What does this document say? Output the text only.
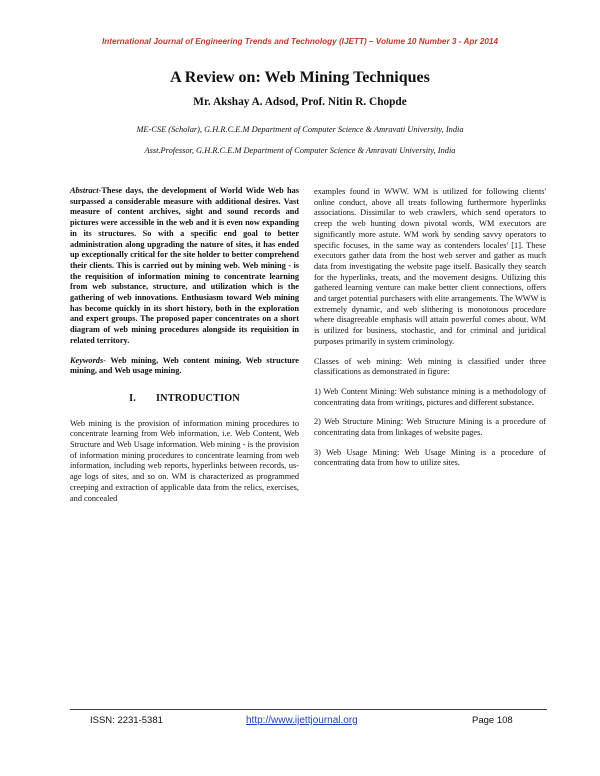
International Journal of Engineering Trends and Technology (IJETT) – Volume 10 Number 3 - Apr 2014
A Review on: Web Mining Techniques
Mr. Akshay A. Adsod, Prof. Nitin R. Chopde
ME-CSE (Scholar), G.H.R.C.E.M Department of Computer Science & Amravati University, India
Asst.Professor, G.H.R.C.E.M Department of Computer Science & Amravati University, India

Abstract-These days, the development of World Wide Web has surpassed a considerable measure with additional desires. Vast measure of content archives, sight and sound records and pictures were accessible in the web and it is even now expanding in its structures. So with a specific end goal to better administration along upgrading the nature of sites, it has ended up exceptionally critical for the site holder to better comprehend their clients. This is carried out by mining web. Web mining - is the requisition of information mining to concentrate learning from web substance, structure, and utilization which is the gathering of web innovations. Enthusiasm toward Web mining has become quickly in its short history, both in the exploration and expert groups. The proposed paper concentrates on a short diagram of web mining procedures alongside its requisition in related territory.

Keywords- Web mining, Web content mining, Web structure mining, and Web usage mining.

I. INTRODUCTION

Web mining is the provision of information mining procedures to concentrate learning from Web information, i.e. Web Content, Web Structure and Web Usage information. Web mining - is the provision of information mining procedures to concentrate learning from web information, including web reports, hyperlinks between records, us-age logs of sites, and so on. WM is characterized as programmed creeping and extraction of applicable data from the relics, exercises, and concealed

examples found in WWW. WM is utilized for following clients' online conduct, above all treats following furthermore hyperlinks associations. Dissimilar to web crawlers, which send operators to creep the web hunting down pivotal words, WM executors are significantly more astute. WM work by sending savvy operators to specific focuses, in the same way as contenders locales' [1]. These executors gather data from the host web server and gather as much data from investigating the website page itself. Basically they search for the hyperlinks, treats, and the movement designs. Utilizing this gathered learning venture can make better client connections, offers and target potential purchasers with elite arrangements. The WWW is extremely dynamic, and web slithering is monotonous procedure where disagreeable emphasis will attain powerful comes about. WM is utilized for business, stochastic, and for criminal and juridical purposes primarily in system criminology.

Classes of web mining: Web mining is classified under three classifications as demonstrated in figure:

1) Web Content Mining: Web substance mining is a methodology of concentrating data from writings, pictures and different substance.

2) Web Structure Mining: Web Structure Mining is a procedure of concentrating data from linkages of website pages.

3) Web Usage Mining: Web Usage Mining is a procedure of concentrating data from how to utilize sites.

ISSN: 2231-5381	http://www.ijettjournal.org	Page 108
